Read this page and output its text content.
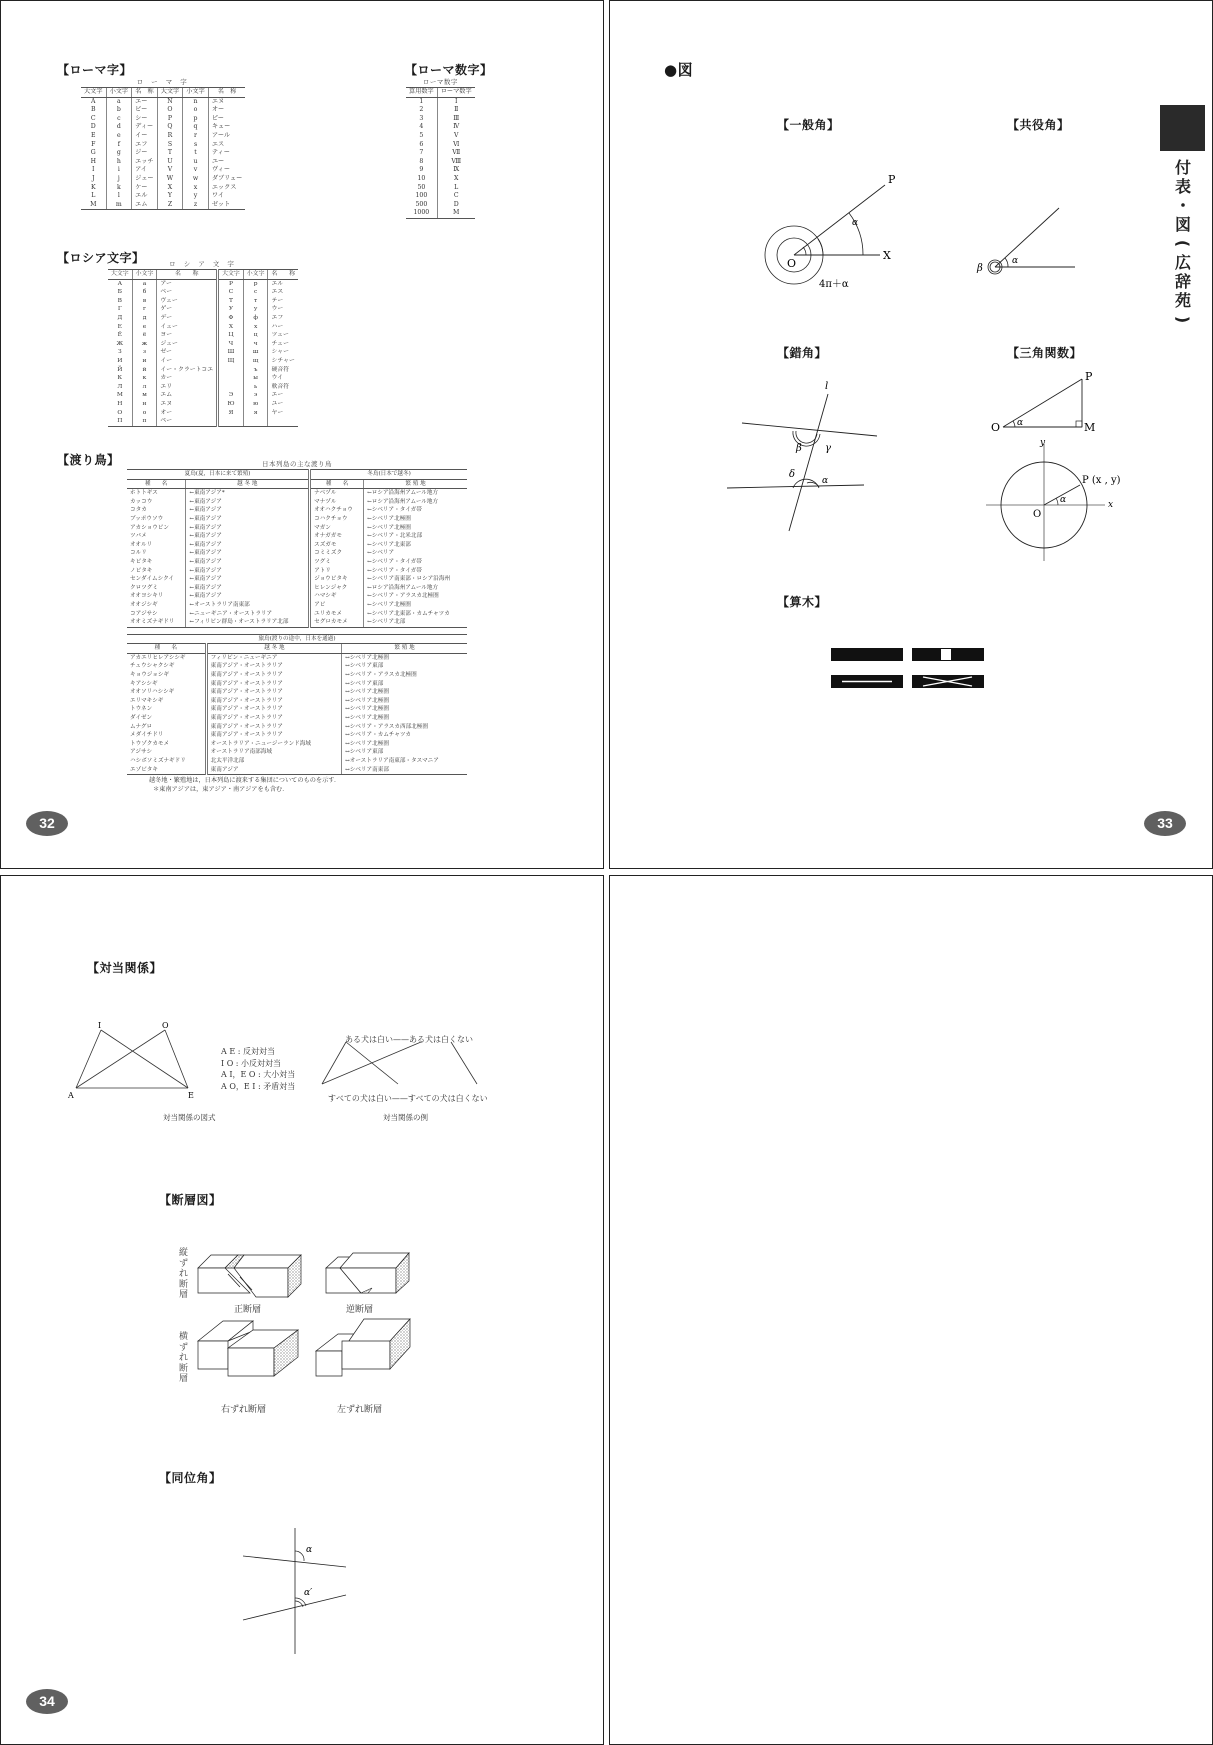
【ローマ字】
ロ ー マ 字
大文字	小文字	名　称	大文字	小文字	名　称
A	a	エー	N	n	エヌ
B	b	ビー	O	o	オー
C	c	シー	P	p	ピー
D	d	ディー	Q	q	キュー
E	e	イー	R	r	アール
F	f	エフ	S	s	エス
G	g	ジー	T	t	ティー
H	h	エッチ	U	u	ユー
I	i	アイ	V	v	ヴィー
J	j	ジェー	W	w	ダブリュー
K	k	ケー	X	x	エックス
L	l	エル	Y	y	ワイ
M	m	エム	Z	z	ゼット
【ローマ数字】
ローマ数字
算用数字	ローマ数字
1	Ⅰ
2	Ⅱ
3	Ⅲ
4	Ⅳ
5	Ⅴ
6	Ⅵ
7	Ⅶ
8	Ⅷ
9	Ⅸ
10	Ⅹ
50	L
100	C
500	D
1000	M
【ロシア文字】	ロ シ ア 文 字
大文字	小文字	名　　称	大文字	小文字	名　　称
А	а	アー	Р	р	エル
Б	б	ベー	С	с	エス
В	в	ヴェー	Т	т	テー
Г	г	ゲー	У	у	ウー
Д	д	デー	Ф	ф	エフ
Е	е	イェー	Х	х	ハー
Ё	ё	ヨー	Ц	ц	ツェー
Ж	ж	ジェー	Ч	ч	チェー
З	з	ゼー	Ш	ш	シャー
И	и	イー	Щ	щ	シチャー
Й	й	イー・クラートコエ		ъ	硬音符
К	к	カー		ы	ウイ
Л	л	エリ		ь	軟音符
М	м	エム	Э	э	エー
Н	н	エヌ	Ю	ю	ユー
О	о	オー	Я	я	ヤー
П	п	ペー			
【渡り鳥】	日本列島の主な渡り鳥
夏鳥(夏，日本に来て繁殖)		冬鳥(日本で越冬)	
種　　名	越 冬 地	種　　名	繁 殖 地
ホトトギス	←東南アジア*	ナベヅル	←ロシア沿海州アムール地方
カッコウ	←東南アジア	マナヅル	←ロシア沿海州アムール地方
コタカ	←東南アジア	オオハクチョウ	←シベリア・タイガ帯
ブッポウソウ	←東南アジア	コハクチョウ	←シベリア北極圏
アカショウビン	←東南アジア	マガン	←シベリア北極圏
ツバメ	←東南アジア	オナガガモ	←シベリア・北米北部
オオルリ	←東南アジア	スズガモ	←シベリア北東部
コルリ	←東南アジア	コミミズク	←シベリア
キビタキ	←東南アジア	ツグミ	←シベリア・タイガ帯
ノビタキ	←東南アジア	アトリ	←シベリア・タイガ帯
センダイムシクイ	←東南アジア	ジョウビタキ	←シベリア南東部・ロシア沿海州
クロツグミ	←東南アジア	ヒレンジャク	←ロシア沿海州アムール地方
オオヨシキリ	←東南アジア	ハマシギ	←シベリア・アラスカ北極圏
オオジシギ	←オーストラリア南東部	アビ	←シベリア北極圏
コアジサシ	←ニューギニア・オーストラリア	ユリカモメ	←シベリア北東部・カムチャツカ
オオミズナギドリ	←フィリピン群島・オーストラリア北部	セグロカモメ	←シベリア北部
旅鳥(渡りの途中，日本を通過)		
種　　名	越 冬 地	繁 殖 地
アカエリヒレアシシギ	フィリピン・ニューギニア	↔シベリア北極圏
チュウシャクシギ	東南アジア・オーストラリア	↔シベリア東部
キョウジョシギ	東南アジア・オーストラリア	↔シベリア・アラスカ北極圏
キアシシギ	東南アジア・オーストラリア	↔シベリア東部
オオソリハシシギ	東南アジア・オーストラリア	↔シベリア北極圏
エリマキシギ	東南アジア・オーストラリア	↔シベリア北極圏
トウネン	東南アジア・オーストラリア	↔シベリア北極圏
ダイゼン	東南アジア・オーストラリア	↔シベリア北極圏
ムナグロ	東南アジア・オーストラリア	↔シベリア・アラスカ西部北極圏
メダイチドリ	東南アジア・オーストラリア	↔シベリア・カムチャツカ
トウゾクカモメ	オーストラリア・ニュージーランド海域	↔シベリア北極圏
アジサシ	オーストラリア南部海域	↔シベリア東部
ハシボソミズナギドリ	北太平洋北部	↔オーストラリア南東部・タスマニア
エゾビタキ	東南アジア	↔シベリア南東部
越冬地・繁殖地は，日本列島に渡来する集団についてのものを示す．
＊東南アジアは，東アジア・南アジアをも含む．
32
●図
【一般角】
P
X
O
α
4π＋α
【共役角】
β
α
【錯角】
l
β γ
δ
α
【三角関数】
P
O	M
α
y
x
O
α
P (x , y)
【算木】
33
付
表
・
図
(
広
辞
苑
)
【対当関係】
I	O
A	E
A E : 反対対当
I O : 小反対対当
A I，E O : 大小対当
A O，E I : 矛盾対当
対当関係の図式
ある犬は白い——ある犬は白くない
すべての犬は白い——すべての犬は白くない
対当関係の例
【断層図】
縦ずれ断層
横ずれ断層
正断層	逆断層
右ずれ断層	左ずれ断層
【同位角】
α
α′
34
